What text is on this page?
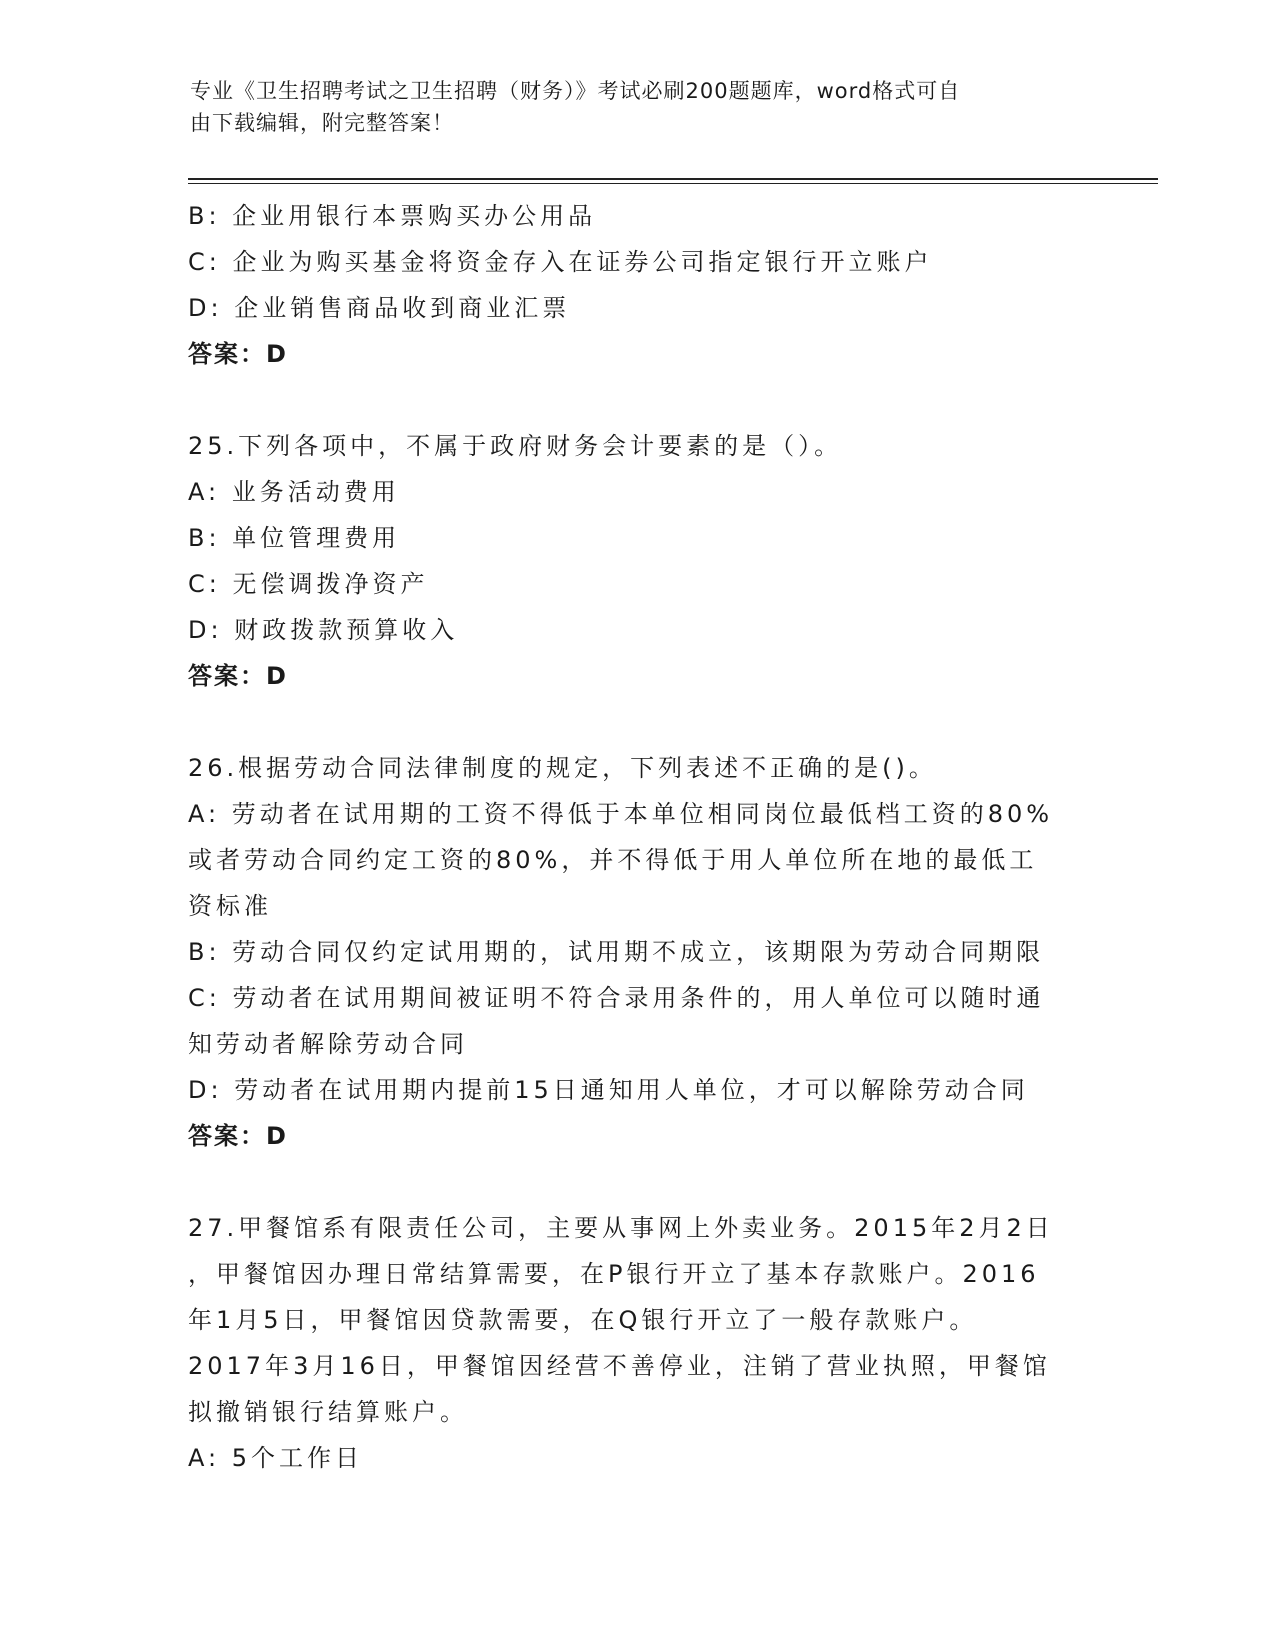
专业《卫生招聘考试之卫生招聘（财务）》考试必刷200题题库，word格式可自
由下载编辑，附完整答案！
B: 企业用银行本票购买办公用品
C: 企业为购买基金将资金存入在证券公司指定银行开立账户
D: 企业销售商品收到商业汇票
答案：D
25.下列各项中，不属于政府财务会计要素的是（）。
A: 业务活动费用
B: 单位管理费用
C: 无偿调拨净资产
D: 财政拨款预算收入
答案：D
26.根据劳动合同法律制度的规定，下列表述不正确的是()。
A: 劳动者在试用期的工资不得低于本单位相同岗位最低档工资的80%
或者劳动合同约定工资的80%，并不得低于用人单位所在地的最低工
资标准
B: 劳动合同仅约定试用期的，试用期不成立，该期限为劳动合同期限
C: 劳动者在试用期间被证明不符合录用条件的，用人单位可以随时通
知劳动者解除劳动合同
D: 劳动者在试用期内提前15日通知用人单位，才可以解除劳动合同
答案：D
27.甲餐馆系有限责任公司，主要从事网上外卖业务。2015年2月2日
，甲餐馆因办理日常结算需要，在P银行开立了基本存款账户。2016
年1月5日，甲餐馆因贷款需要，在Q银行开立了一般存款账户。
2017年3月16日，甲餐馆因经营不善停业，注销了营业执照，甲餐馆
拟撤销银行结算账户。
A: 5个工作日
